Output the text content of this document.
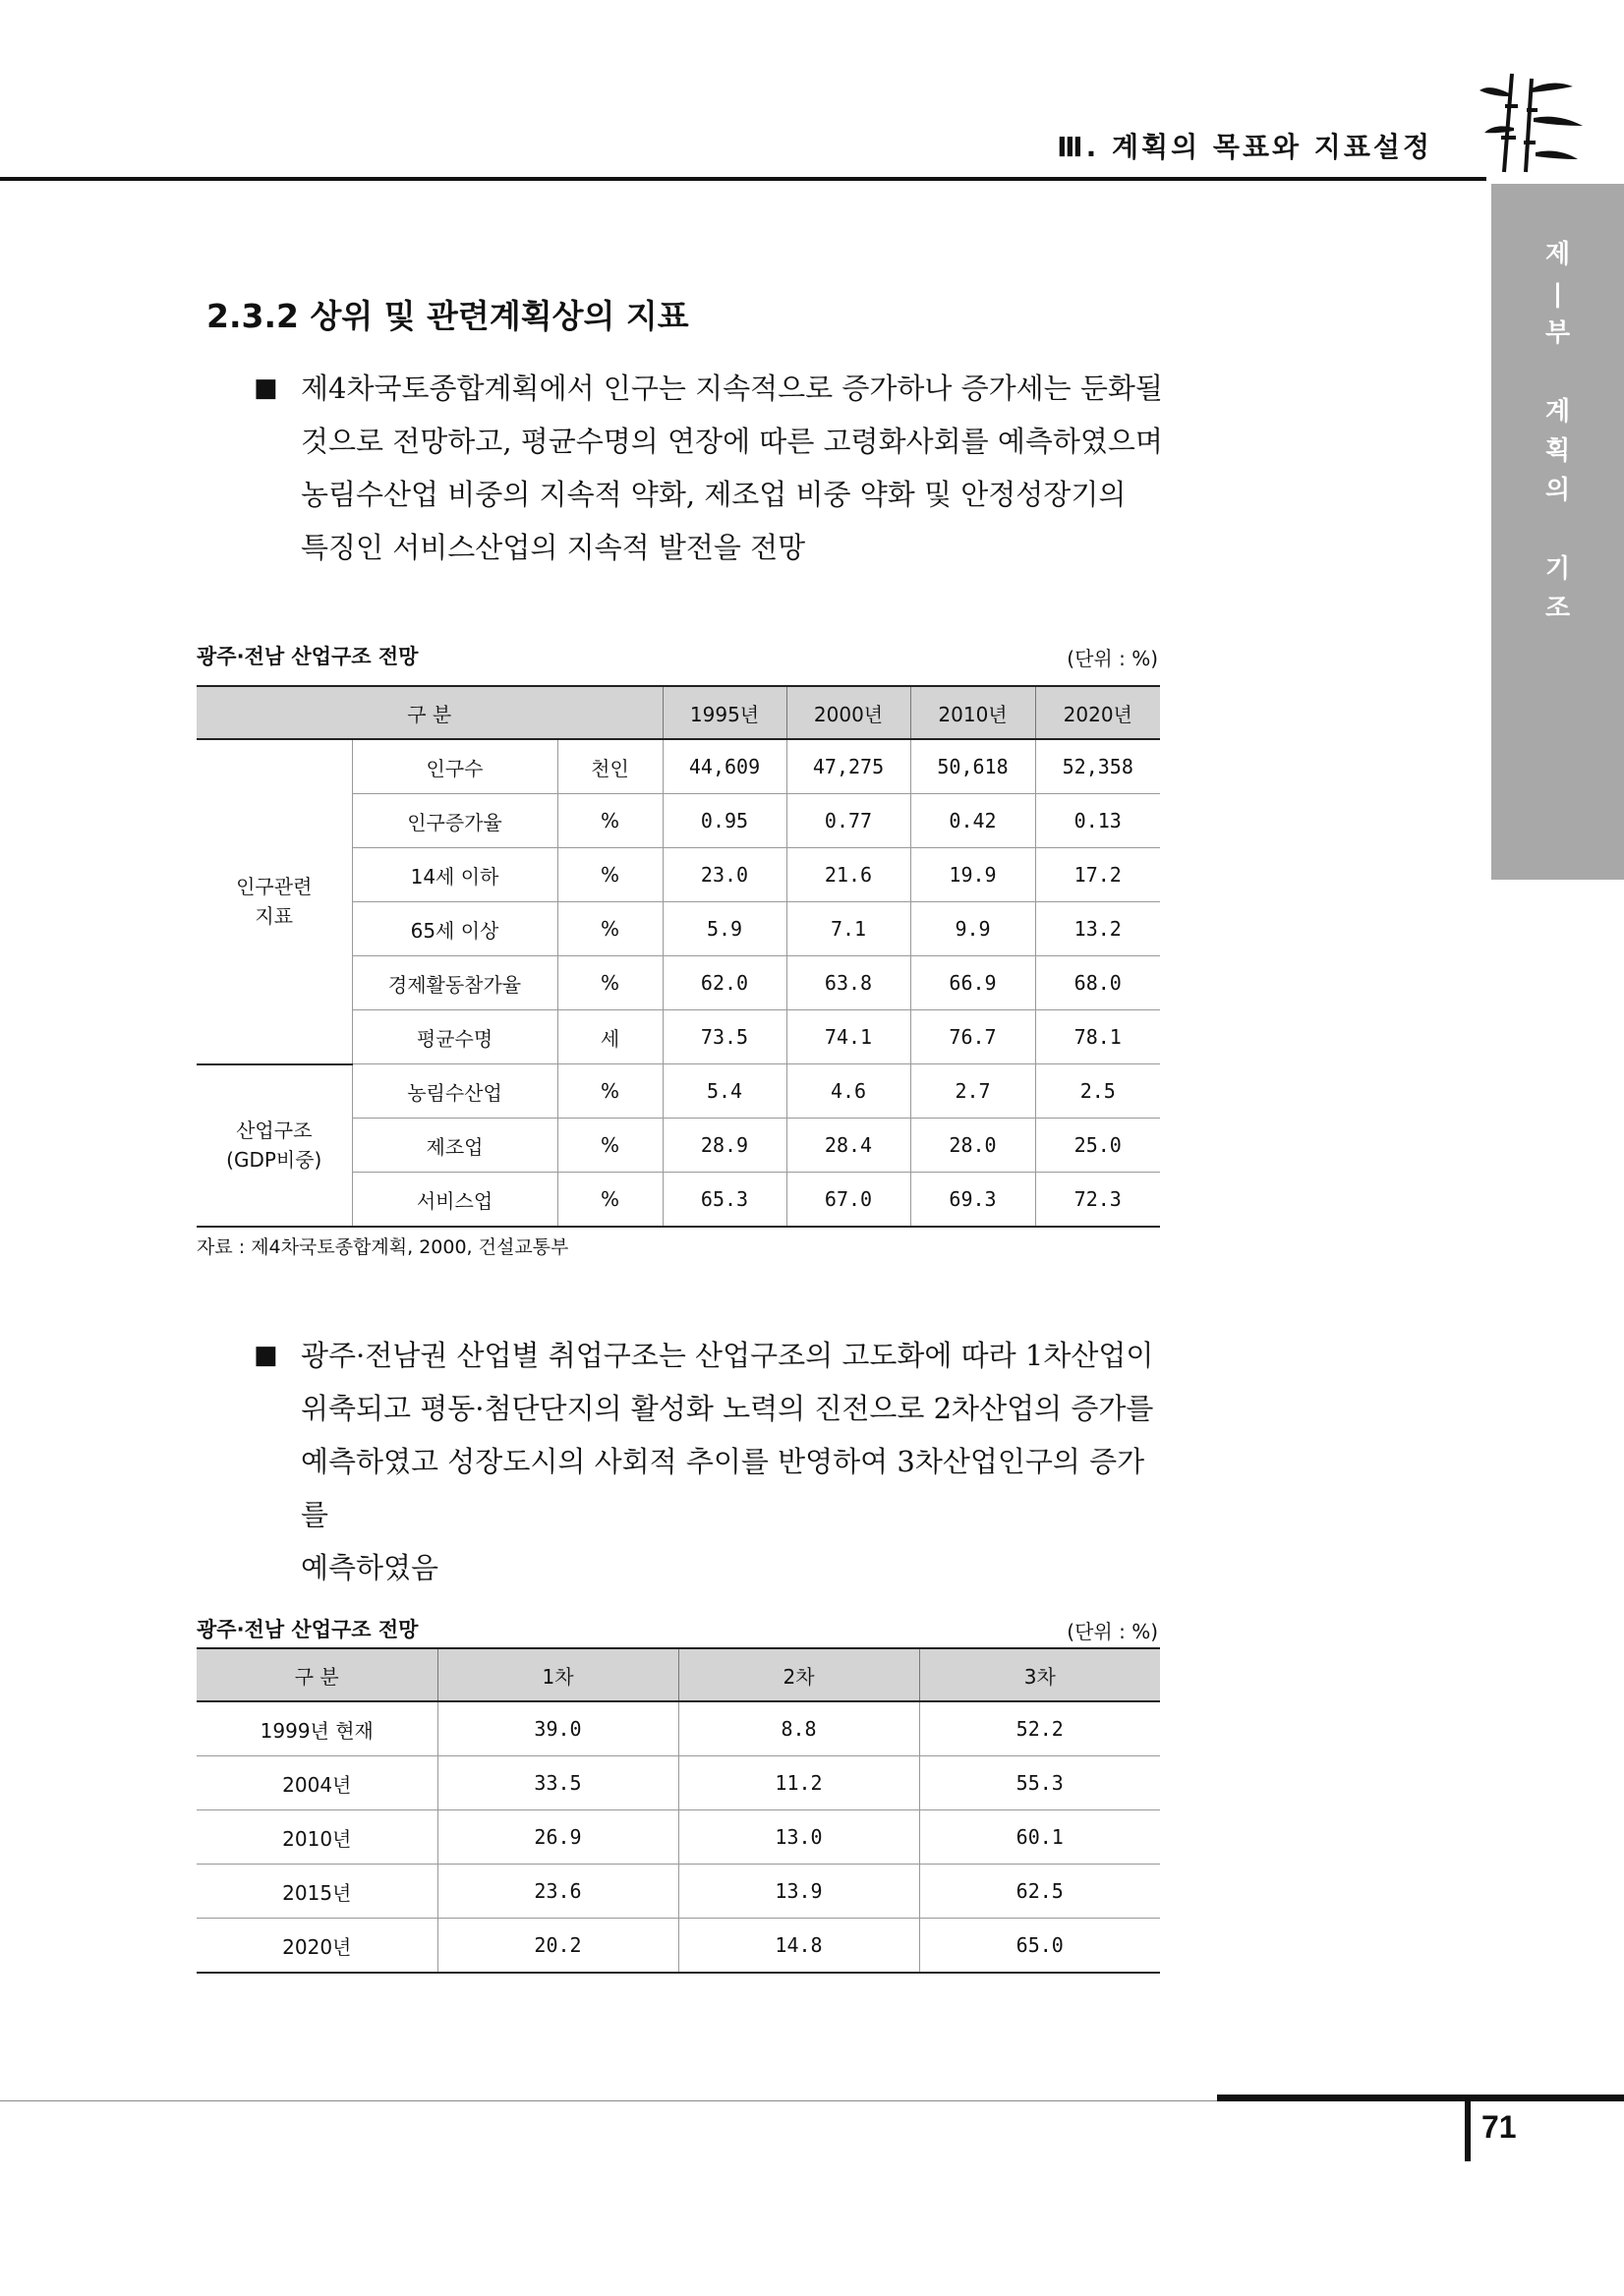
Ⅲ. 계획의 목표와 지표설정
제
|
부

계
획
의

기
조
2.3.2 상위 및 관련계획상의 지표
■ 제4차국토종합계획에서 인구는 지속적으로 증가하나 증가세는 둔화될
것으로 전망하고, 평균수명의 연장에 따른 고령화사회를 예측하였으며
농림수산업 비중의 지속적 약화, 제조업 비중 약화 및 안정성장기의
특징인 서비스산업의 지속적 발전을 전망
광주·전남 산업구조 전망	(단위 : %)
구 분			1995년	2000년	2010년	2020년

인구관련
지표	인구수	천인	44,609	47,275	50,618	52,358
	인구증가율	%	0.95	0.77	0.42	0.13
	14세 이하	%	23.0	21.6	19.9	17.2
	65세 이상	%	5.9	7.1	9.9	13.2
	경제활동참가율	%	62.0	63.8	66.9	68.0
	평균수명	세	73.5	74.1	76.7	78.1

산업구조
(GDP비중)	농림수산업	%	5.4	4.6	2.7	2.5
	제조업	%	28.9	28.4	28.0	25.0
	서비스업	%	65.3	67.0	69.3	72.3
자료 : 제4차국토종합계획, 2000, 건설교통부
■ 광주·전남권 산업별 취업구조는 산업구조의 고도화에 따라 1차산업이
위축되고 평동·첨단단지의 활성화 노력의 진전으로 2차산업의 증가를
예측하였고 성장도시의 사회적 추이를 반영하여 3차산업인구의 증가를
예측하였음
광주·전남 산업구조 전망	(단위 : %)
구 분	1차	2차	3차
1999년 현재	39.0	8.8	52.2
2004년	33.5	11.2	55.3
2010년	26.9	13.0	60.1
2015년	23.6	13.9	62.5
2020년	20.2	14.8	65.0
71
